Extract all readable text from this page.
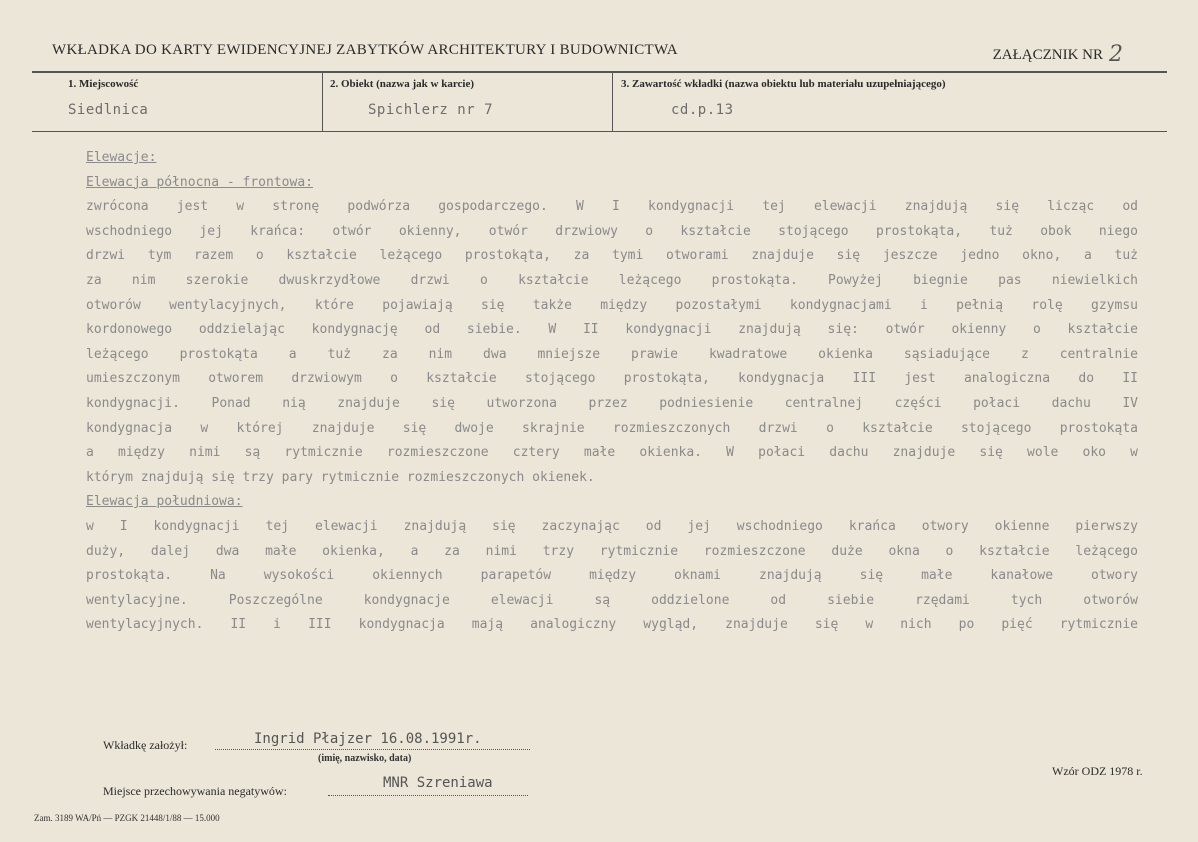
WKŁADKA DO KARTY EWIDENCYJNEJ ZABYTKÓW ARCHITEKTURY I BUDOWNICTWA	ZAŁĄCZNIK NR 2
1. Miejscowość
Siedlnica
2. Obiekt (nazwa jak w karcie)
Spichlerz nr 7
3. Zawartość wkładki (nazwa obiektu lub materiału uzupełniającego)
cd.p.13
Elewacje:
Elewacja północna - frontowa:
zwrócona jest w stronę podwórza gospodarczego. W I kondygnacji tej elewacji znajdują się licząc od
wschodniego jej krańca: otwór okienny, otwór drzwiowy o kształcie stojącego prostokąta, tuż obok niego
drzwi tym razem o kształcie leżącego prostokąta, za tymi otworami znajduje się jeszcze jedno okno, a tuż
za nim szerokie dwuskrzydłowe drzwi o kształcie leżącego prostokąta. Powyżej biegnie pas niewielkich
otworów wentylacyjnych, które pojawiają się także między pozostałymi kondygnacjami i pełnią rolę gzymsu
kordonowego oddzielając kondygnację od siebie. W II kondygnacji znajdują się: otwór okienny o kształcie
leżącego prostokąta a tuż za nim dwa mniejsze prawie kwadratowe okienka sąsiadujące z centralnie
umieszczonym otworem drzwiowym o kształcie stojącego prostokąta, kondygnacja III jest analogiczna do II
kondygnacji. Ponad nią znajduje się utworzona przez podniesienie centralnej części połaci dachu IV
kondygnacja w której znajduje się dwoje skrajnie rozmieszczonych drzwi o kształcie stojącego prostokąta
a między nimi są rytmicznie rozmieszczone cztery małe okienka. W połaci dachu znajduje się wole oko w
którym znajdują się trzy pary rytmicznie rozmieszczonych okienek.
Elewacja południowa:
w I kondygnacji tej elewacji znajdują się zaczynając od jej wschodniego krańca otwory okienne pierwszy
duży, dalej dwa małe okienka, a za nimi trzy rytmicznie rozmieszczone duże okna o kształcie leżącego
prostokąta. Na wysokości okiennych parapetów między oknami znajdują się małe kanałowe otwory
wentylacyjne. Poszczególne kondygnacje elewacji są oddzielone od siebie rzędami tych otworów
wentylacyjnych. II i III kondygnacja mają analogiczny wygląd, znajduje się w nich po pięć rytmicznie
Wkładkę założył:	Ingrid Płajzer 16.08.1991r.
(imię, nazwisko, data)
Miejsce przechowywania negatywów:	MNR Szreniawa
Wzór ODZ 1978 r.
Zam. 3189 WA/Pń — PZGK 21448/1/88 — 15.000
